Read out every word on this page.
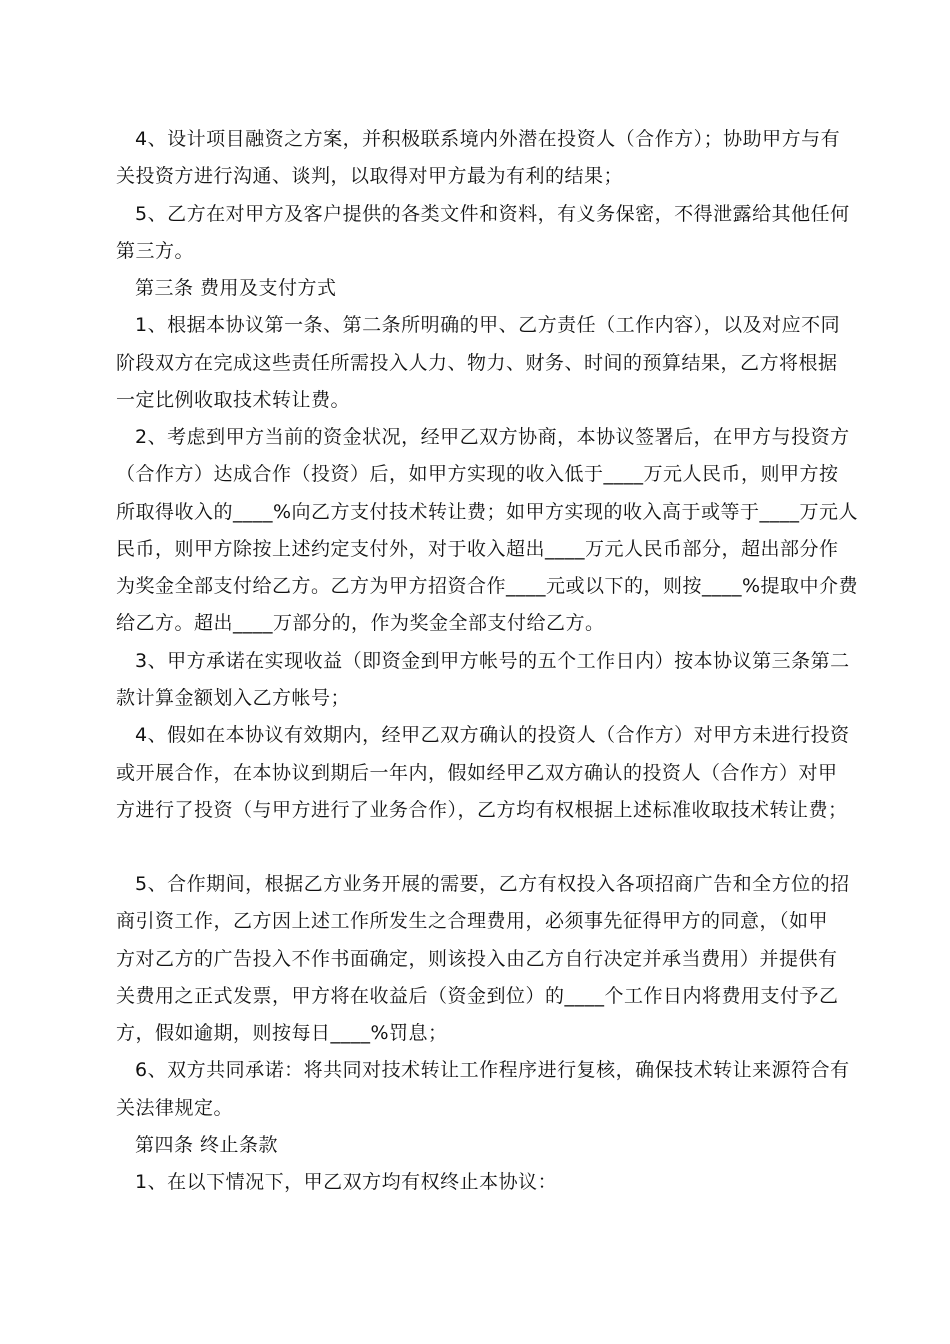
4、设计项目融资之方案，并积极联系境内外潜在投资人（合作方）；协助甲方与有
关投资方进行沟通、谈判，以取得对甲方最为有利的结果；
5、乙方在对甲方及客户提供的各类文件和资料，有义务保密，不得泄露给其他任何
第三方。
第三条 费用及支付方式
1、根据本协议第一条、第二条所明确的甲、乙方责任（工作内容），以及对应不同
阶段双方在完成这些责任所需投入人力、物力、财务、时间的预算结果，乙方将根据
一定比例收取技术转让费。
2、考虑到甲方当前的资金状况，经甲乙双方协商，本协议签署后，在甲方与投资方
（合作方）达成合作（投资）后，如甲方实现的收入低于____万元人民币，则甲方按
所取得收入的____%向乙方支付技术转让费；如甲方实现的收入高于或等于____万元人
民币，则甲方除按上述约定支付外，对于收入超出____万元人民币部分，超出部分作
为奖金全部支付给乙方。乙方为甲方招资合作____元或以下的，则按____%提取中介费
给乙方。超出____万部分的，作为奖金全部支付给乙方。
3、甲方承诺在实现收益（即资金到甲方帐号的五个工作日内）按本协议第三条第二
款计算金额划入乙方帐号；
4、假如在本协议有效期内，经甲乙双方确认的投资人（合作方）对甲方未进行投资
或开展合作，在本协议到期后一年内，假如经甲乙双方确认的投资人（合作方）对甲
方进行了投资（与甲方进行了业务合作），乙方均有权根据上述标准收取技术转让费；
5、合作期间，根据乙方业务开展的需要，乙方有权投入各项招商广告和全方位的招
商引资工作，乙方因上述工作所发生之合理费用，必须事先征得甲方的同意，（如甲
方对乙方的广告投入不作书面确定，则该投入由乙方自行决定并承当费用）并提供有
关费用之正式发票，甲方将在收益后（资金到位）的____个工作日内将费用支付予乙
方，假如逾期，则按每日____%罚息；
6、双方共同承诺：将共同对技术转让工作程序进行复核，确保技术转让来源符合有
关法律规定。
第四条 终止条款
1、在以下情况下，甲乙双方均有权终止本协议：
